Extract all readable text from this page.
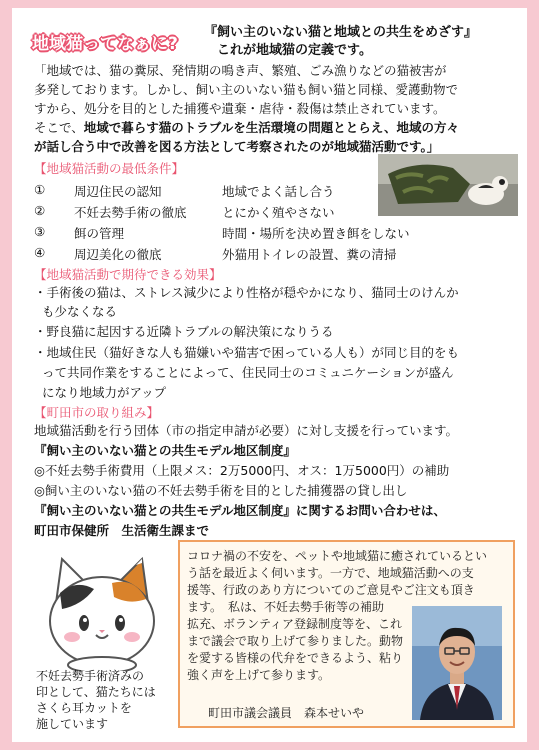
地域猫ってなぁに?
『飼い主のいない猫と地域との共生をめざす』
これが地域猫の定義です。
「地域では、猫の糞尿、発情期の鳴き声、繁殖、ごみ漁りなどの猫被害が
多発しております。しかし、飼い主のいない猫も飼い猫と同様、愛護動物で
すから、処分を目的とした捕獲や遺棄・虐待・殺傷は禁止されています。
そこで、地域で暮らす猫のトラブルを生活環境の問題ととらえ、地域の方々
が話し合う中で改善を図る方法として考察されたのが地域猫活動です。」
【地域猫活動の最低条件】
① 周辺住民の認知	地域でよく話し合う
② 不妊去勢手術の徹底	とにかく殖やさない
③ 餌の管理	時間・場所を決め置き餌をしない
④ 周辺美化の徹底	外猫用トイレの設置、糞の清掃
【地域猫活動で期待できる効果】
・手術後の猫は、ストレス減少により性格が穏やかになり、猫同士のけんか
も少なくなる
・野良猫に起因する近隣トラブルの解決策になりうる
・地域住民（猫好きな人も猫嫌いや猫害で困っている人も）が同じ目的をも
って共同作業をすることによって、住民同士のコミュニケーションが盛ん
になり地域力がアップ
【町田市の取り組み】
地域猫活動を行う団体（市の指定申請が必要）に対し支援を行っています。
『飼い主のいない猫との共生モデル地区制度』
◎不妊去勢手術費用（上限メス：2万5000円、オス：1万5000円）の補助
◎飼い主のいない猫の不妊去勢手術を目的とした捕獲器の貸し出し
『飼い主のいない猫との共生モデル地区制度』に関するお問い合わせは、
町田市保健所　生活衛生課まで
不妊去勢手術済みの
印として、猫たちには
さくら耳カットを
施しています
コロナ禍の不安を、ペットや地域猫に癒されているとい
う話を最近よく伺います。一方で、地域猫活動への支
援等、行政のあり方についてのご意見やご注文も頂き
ます。　私は、不妊去勢手術等の補助
拡充、ボランティア登録制度等を、これ
まで議会で取り上げて参りました。動物
を愛する皆様の代弁をできるよう、粘り
強く声を上げて参ります。
町田市議会議員　森本せいや
